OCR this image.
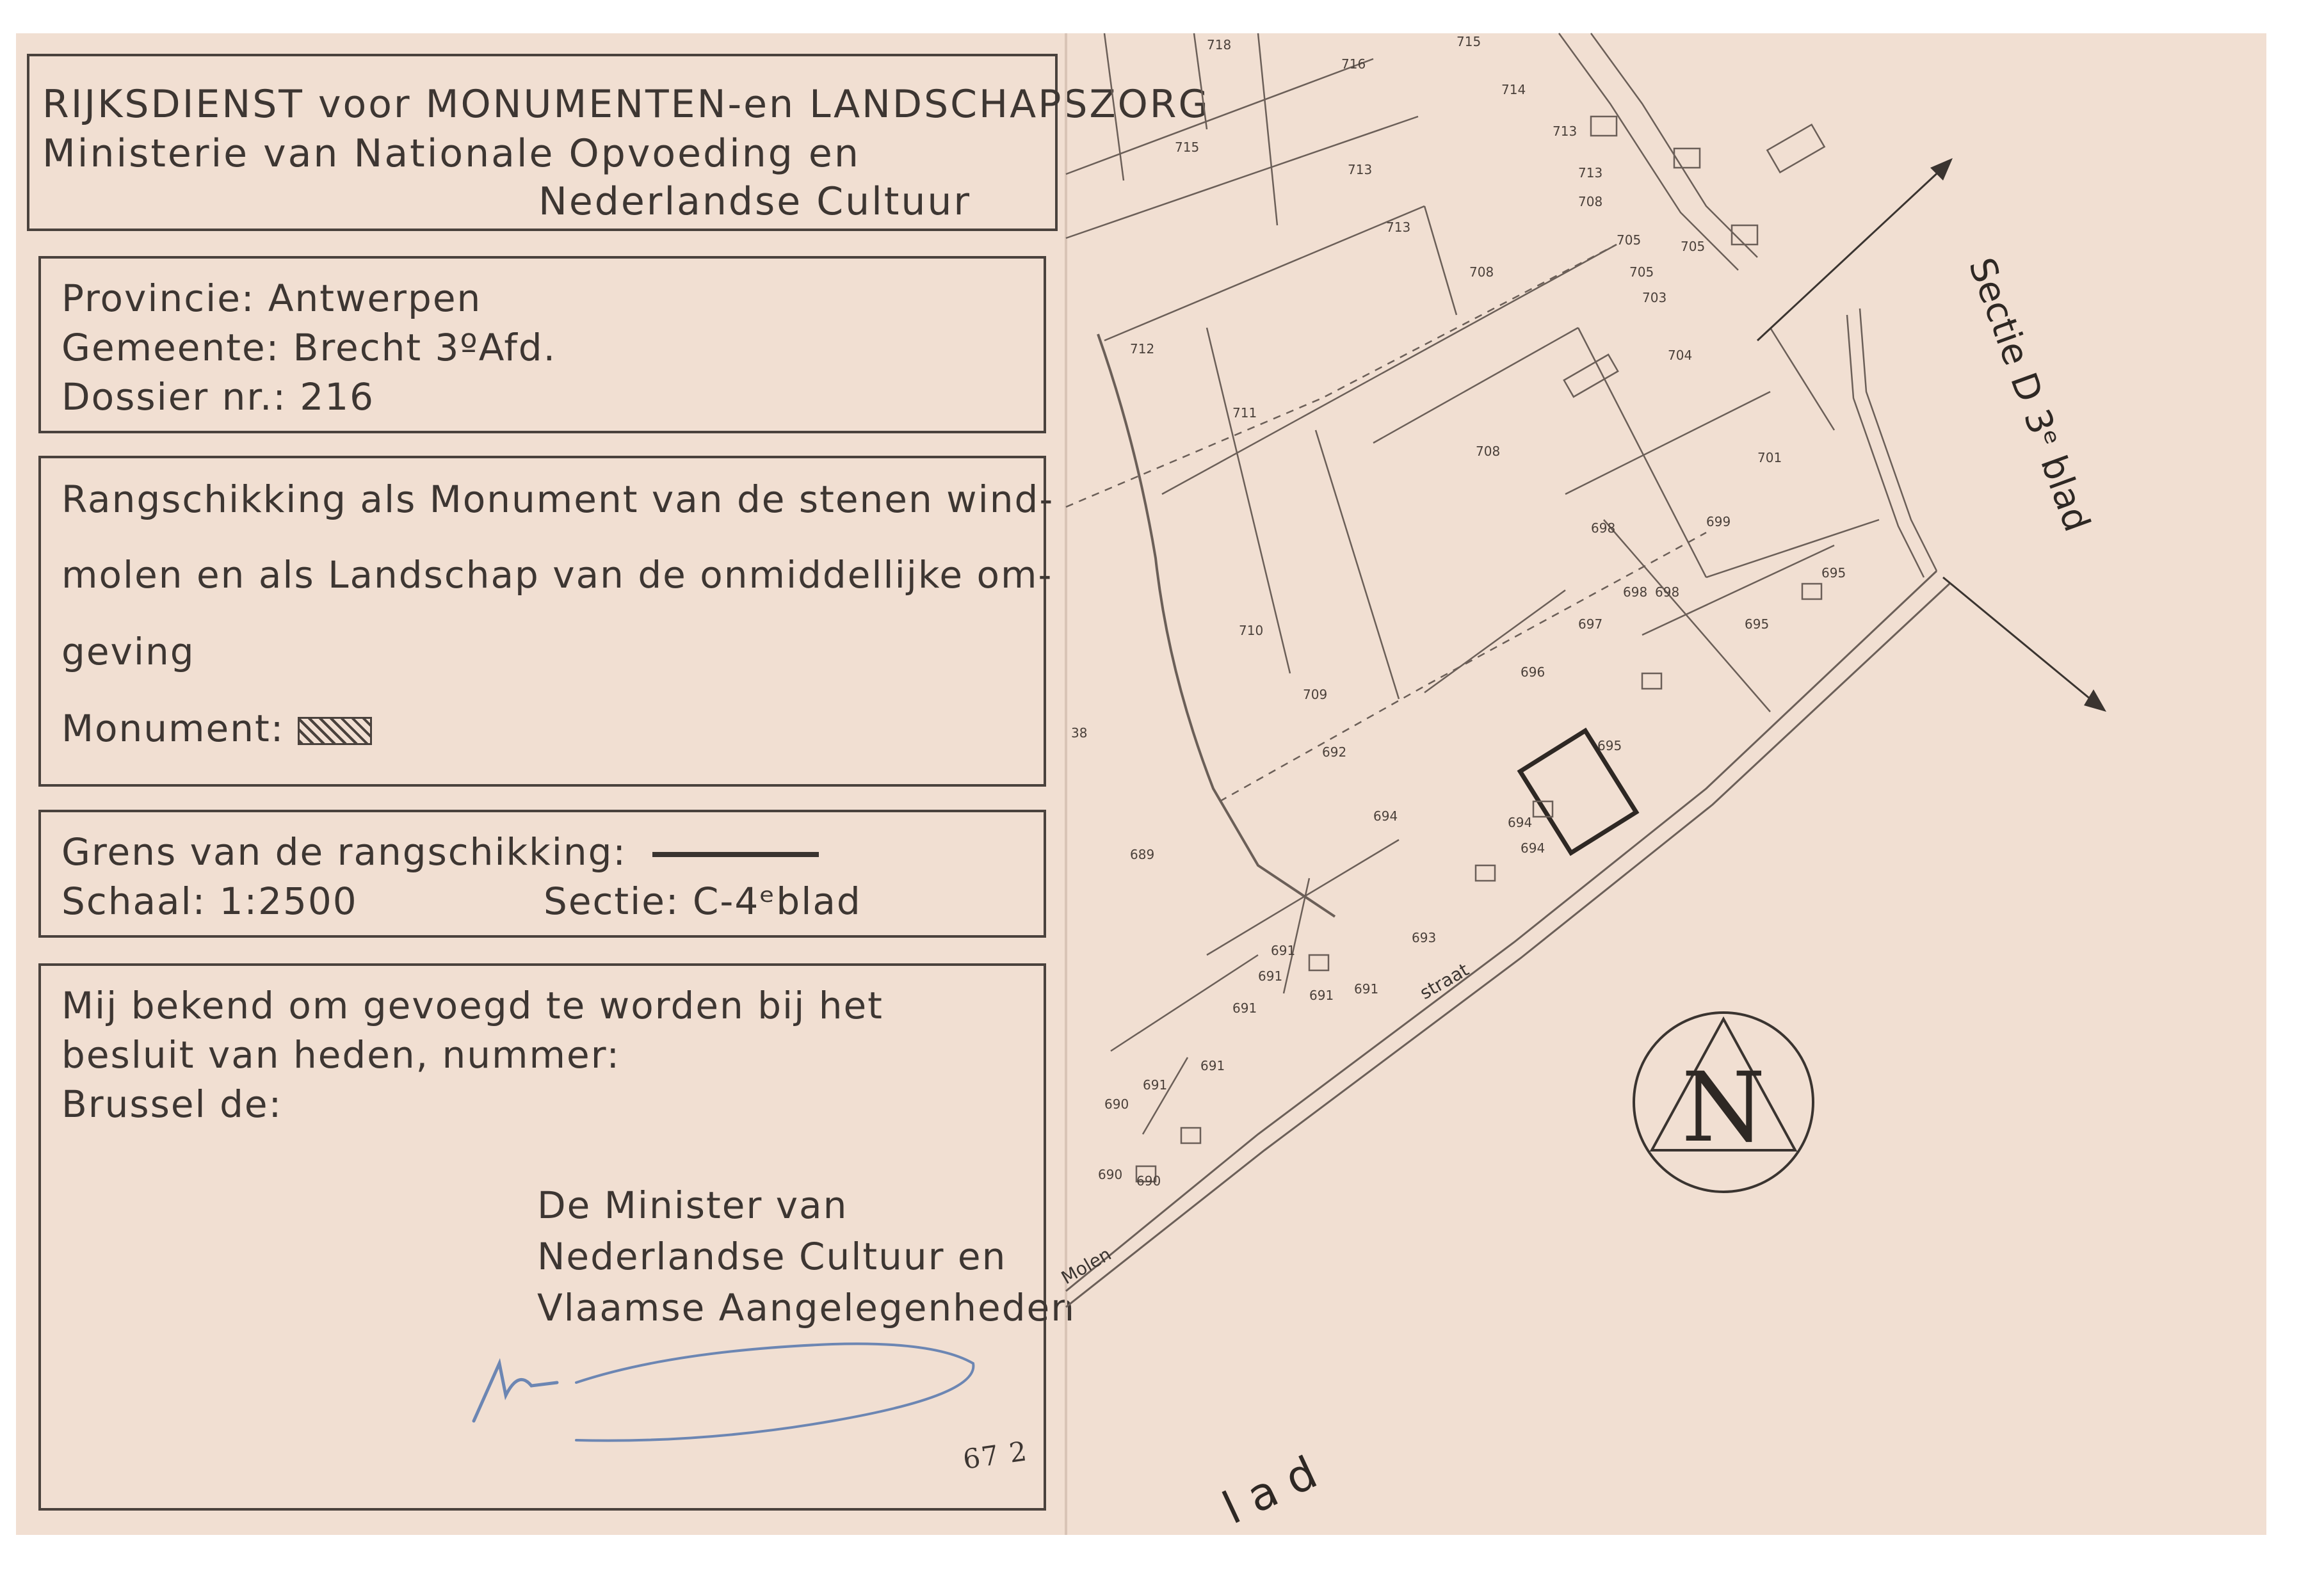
RIJKSDIENST voor MONUMENTEN-en LANDSCHAPSZORG
Ministerie van Nationale Opvoeding en
Nederlandse Cultuur
Provincie: Antwerpen
Gemeente: Brecht 3ºAfd.
Dossier nr.: 216
Rangschikking als Monument van de stenen wind-
molen en als Landschap van de onmiddellijke om-
geving
Monument:
Grens van de rangschikking:
Schaal: 1:2500	Sectie: C-4ᵉblad
Mij bekend om gevoegd te worden bij het
besluit van heden, nummer:
Brussel de:
De Minister van
Nederlandse Cultuur en
Vlaamse Aangelegenheden
67 2
N
Sectie D 3ᵉ blad
Molen
straat
l a d
718
716
715
714
713
713
708
705
705
705
703
704
715
713
713
712
711
708
708	701
710
709
698	699
698 698
697	695
695
696
692
694	694
695
694
693
689
691
691
691
691 691
691
691
690
690
690
38
